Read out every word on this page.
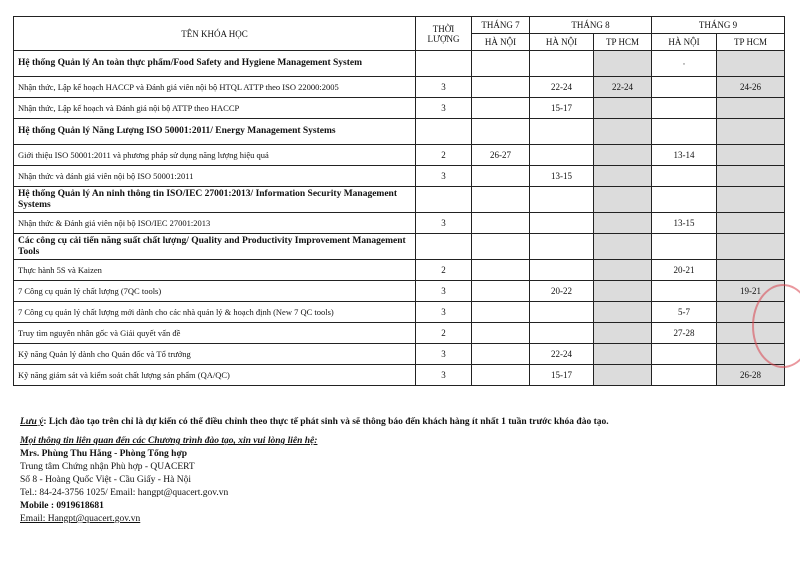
TÊN KHÓA HỌC	THỜI LƯỢNG	THÁNG 7	THÁNG 8		THÁNG 9	
		HÀ NỘI	HÀ NỘI	TP HCM	HÀ NỘI	TP HCM
Hệ thống Quản lý An toàn thực phẩm/Food Safety and Hygiene Management System					·	
Nhận thức, Lập kế hoạch HACCP và Đánh giá viên nội bộ HTQL ATTP theo ISO 22000:2005	3		22-24	22-24		24-26
Nhận thức, Lập kế hoạch và Đánh giá nội bộ ATTP theo HACCP	3		15-17			
Hệ thống Quản lý Năng Lượng ISO 50001:2011/ Energy Management Systems						
Giới thiệu ISO 50001:2011 và phương pháp sử dụng năng lượng hiệu quả	2	26-27			13-14	
Nhận thức và đánh giá viên nội bộ ISO 50001:2011	3		13-15			
Hệ thống Quản lý An ninh thông tin ISO/IEC 27001:2013/ Information Security Management Systems						
Nhận thức & Đánh giá viên nội bộ ISO/IEC 27001:2013	3				13-15	
Các công cụ cải tiến năng suất chất lượng/ Quality and Productivity Improvement Management Tools						
Thực hành 5S và Kaizen	2				20-21	
7 Công cụ quản lý chất lượng (7QC tools)	3		20-22			19-21
7 Công cụ quản lý chất lượng mới dành cho các nhà quản lý & hoạch định (New 7 QC tools)	3				5-7	
Truy tìm nguyên nhân gốc và Giải quyết vấn đề	2				27-28	
Kỹ năng Quản lý dành cho Quản đốc và Tổ trưởng	3		22-24			
Kỹ năng giám sát và kiểm soát chất lượng sản phẩm (QA/QC)	3		15-17			26-28
Lưu ý: Lịch đào tạo trên chỉ là dự kiến có thể điều chỉnh theo thực tế phát sinh và sẽ thông báo đến khách hàng ít nhất 1 tuần trước khóa đào tạo.
Mọi thông tin liên quan đến các Chương trình đào tạo, xin vui lòng liên hệ:
Mrs. Phùng Thu Hằng - Phòng Tổng hợp
Trung tâm Chứng nhận Phù hợp - QUACERT
Số 8 - Hoàng Quốc Việt - Cầu Giấy - Hà Nội
Tel.: 84-24-3756 1025/ Email: hangpt@quacert.gov.vn
Mobile : 0919618681
Email: Hangpt@quacert.gov.vn
